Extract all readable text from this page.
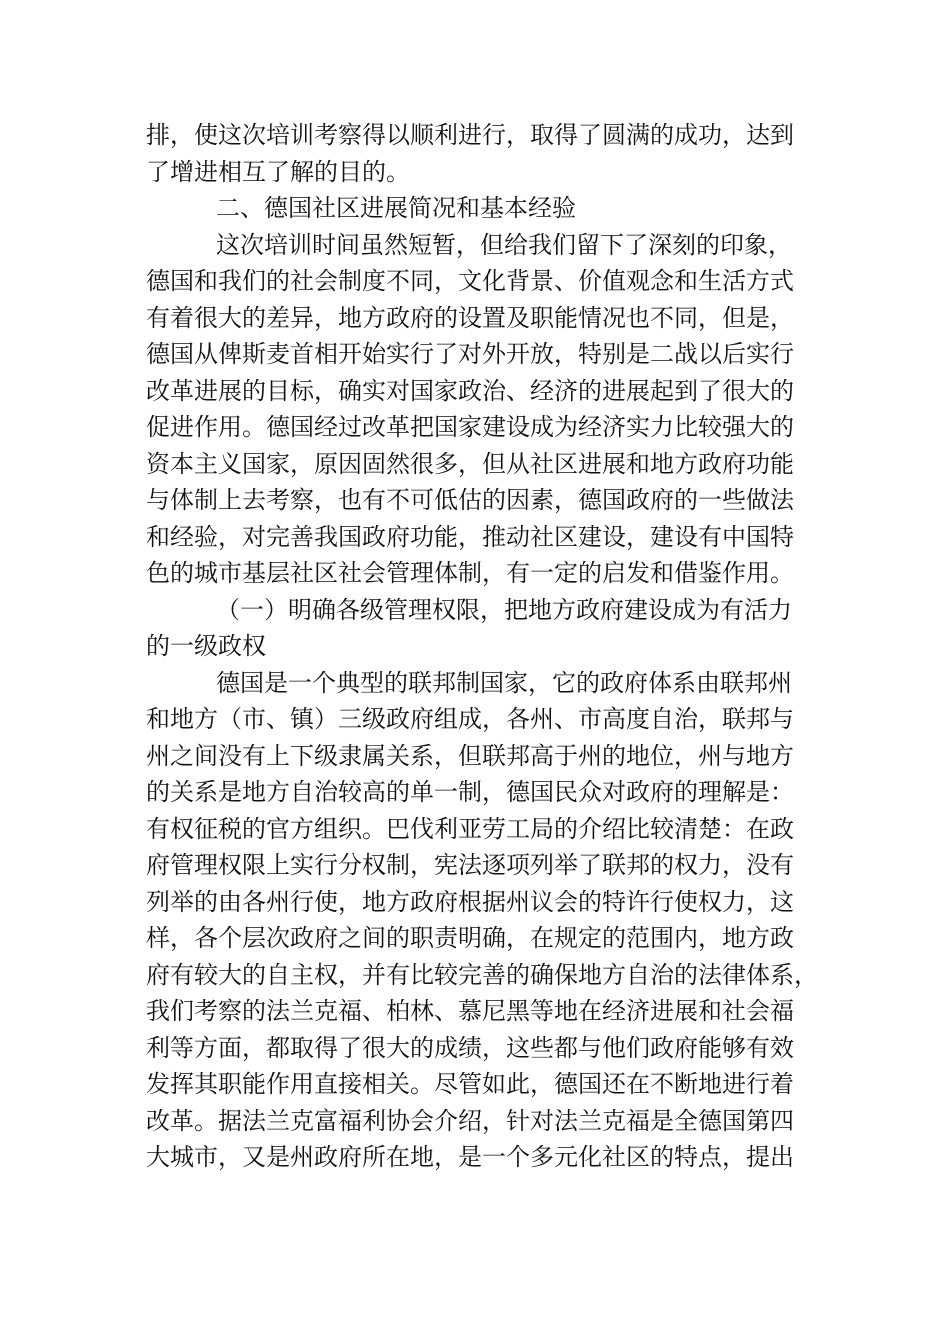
排，使这次培训考察得以顺利进行，取得了圆满的成功，达到

了增进相互了解的目的。

二、德国社区进展简况和基本经验

这次培训时间虽然短暂，但给我们留下了深刻的印象，

德国和我们的社会制度不同，文化背景、价值观念和生活方式

有着很大的差异，地方政府的设置及职能情况也不同，但是，

德国从俾斯麦首相开始实行了对外开放，特别是二战以后实行

改革进展的目标，确实对国家政治、经济的进展起到了很大的

促进作用。德国经过改革把国家建设成为经济实力比较强大的

资本主义国家，原因固然很多，但从社区进展和地方政府功能

与体制上去考察，也有不可低估的因素，德国政府的一些做法

和经验，对完善我国政府功能，推动社区建设，建设有中国特

色的城市基层社区社会管理体制，有一定的启发和借鉴作用。

（一）明确各级管理权限，把地方政府建设成为有活力

的一级政权

德国是一个典型的联邦制国家，它的政府体系由联邦州

和地方（市、镇）三级政府组成，各州、市高度自治，联邦与

州之间没有上下级隶属关系，但联邦高于州的地位，州与地方

的关系是地方自治较高的单一制，德国民众对政府的理解是：

有权征税的官方组织。巴伐利亚劳工局的介绍比较清楚：在政

府管理权限上实行分权制，宪法逐项列举了联邦的权力，没有

列举的由各州行使，地方政府根据州议会的特许行使权力，这

样，各个层次政府之间的职责明确，在规定的范围内，地方政

府有较大的自主权，并有比较完善的确保地方自治的法律体系，

我们考察的法兰克福、柏林、慕尼黑等地在经济进展和社会福

利等方面，都取得了很大的成绩，这些都与他们政府能够有效

发挥其职能作用直接相关。尽管如此，德国还在不断地进行着

改革。据法兰克富福利协会介绍，针对法兰克福是全德国第四

大城市，又是州政府所在地，是一个多元化社区的特点，提出
